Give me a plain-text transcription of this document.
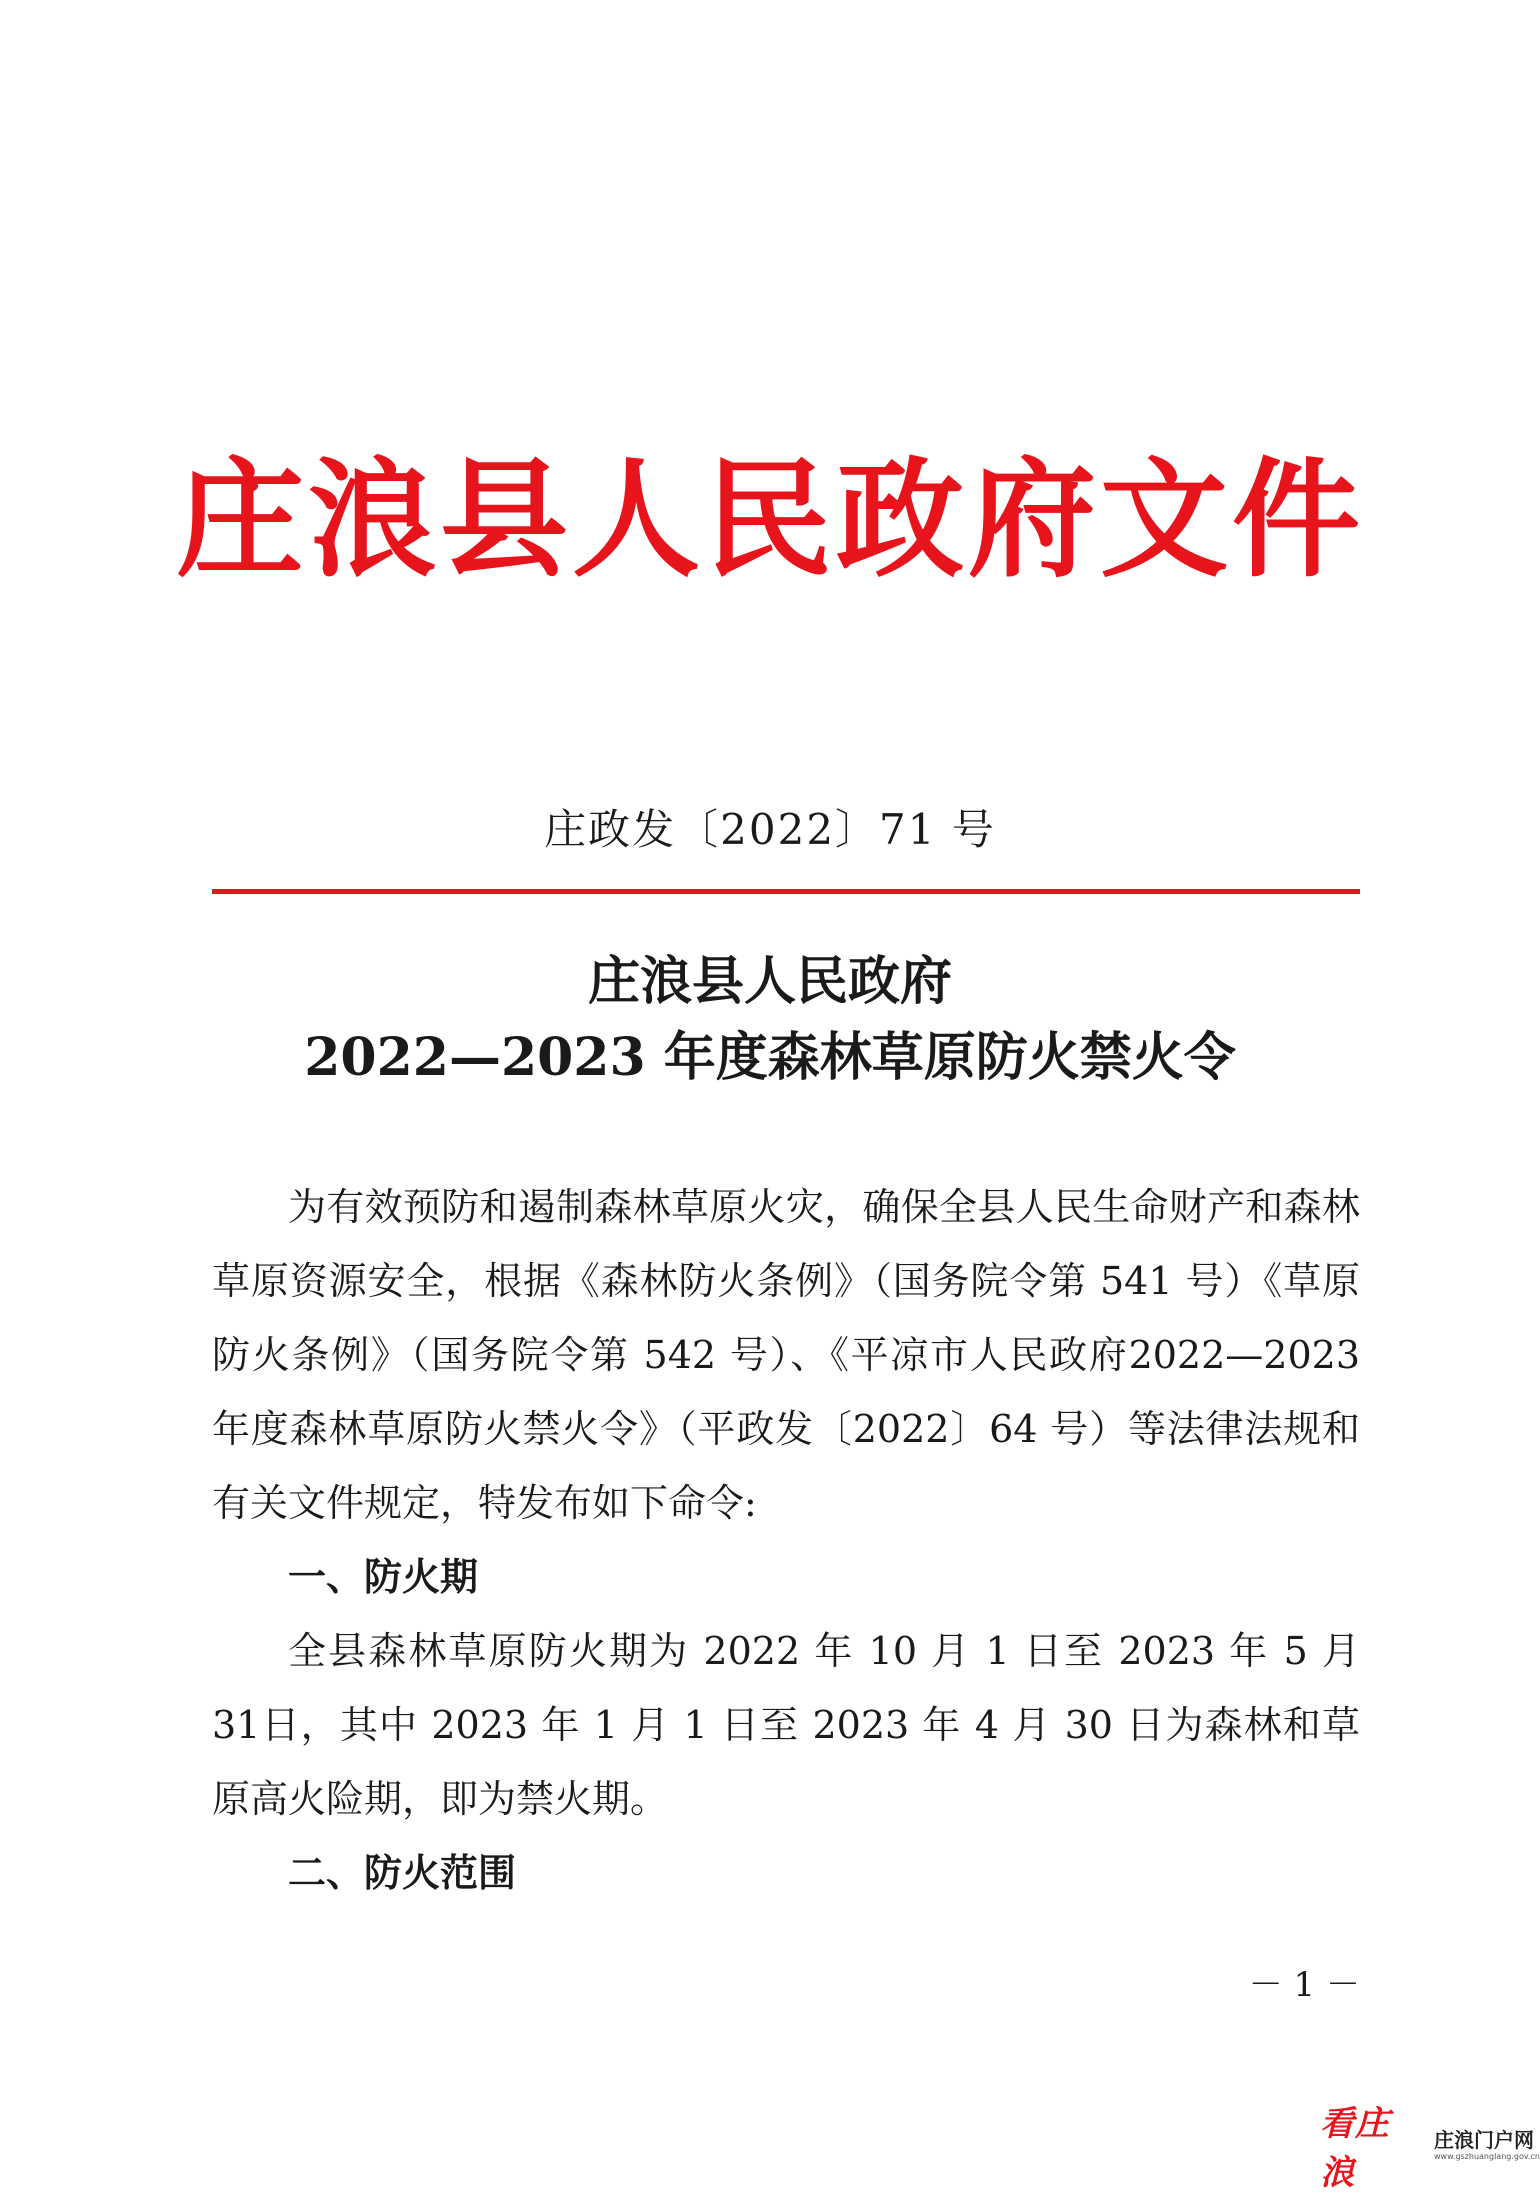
庄浪县人民政府文件
庄政发〔2022〕71 号
庄浪县人民政府
2022—2023 年度森林草原防火禁火令

为有效预防和遏制森林草原火灾，确保全县人民生命财产和森林草原资源安全，根据《森林防火条例》（国务院令第 541 号）《草原防火条例》（国务院令第 542 号）、《平凉市人民政府2022—2023 年度森林草原防火禁火令》（平政发〔2022〕64 号）等法律法规和有关文件规定，特发布如下命令:

一、防火期

全县森林草原防火期为 2022 年 10 月 1 日至 2023 年 5 月 31日，其中 2023 年 1 月 1 日至 2023 年 4 月 30 日为森林和草原高火险期，即为禁火期。

二、防火范围

－ 1 －
看庄浪
庄浪门户网
www.gszhuanglang.gov.cn
